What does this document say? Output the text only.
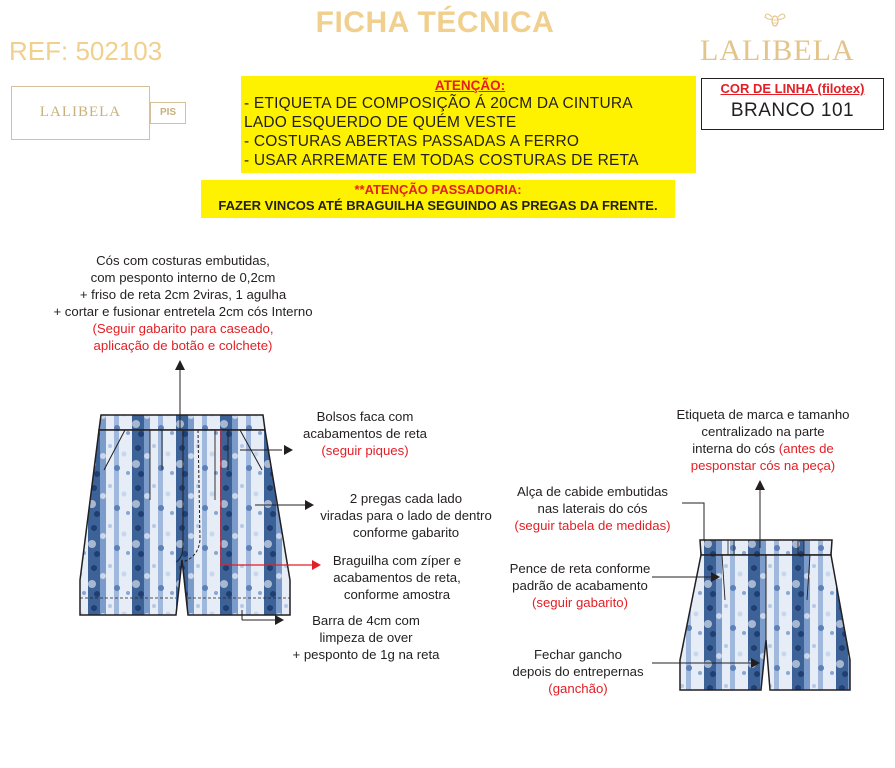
FICHA TÉCNICA
REF: 502103	LALIBELA
LALIBELA	PIS
ATENÇÃO:
- ETIQUETA DE COMPOSIÇÃO Á 20CM DA CINTURA
LADO ESQUERDO DE QUÉM VESTE
- COSTURAS ABERTAS PASSADAS A FERRO
- USAR ARREMATE EM TODAS COSTURAS DE RETA
COR DE LINHA (filotex)
BRANCO 101
**ATENÇÃO PASSADORIA:
FAZER VINCOS ATÉ BRAGUILHA SEGUINDO AS PREGAS DA FRENTE.
Cós com costuras embutidas,
com pesponto interno de 0,2cm
+ friso de reta 2cm 2viras, 1 agulha
+ cortar e fusionar entretela 2cm cós Interno
(Seguir gabarito para caseado,
aplicação de botão e colchete)
Bolsos faca com
acabamentos de reta
(seguir piques)
2 pregas cada lado
viradas para o lado de dentro
conforme gabarito
Braguilha com zíper e
acabamentos de reta,
conforme amostra
Barra de 4cm com
limpeza de over
+ pesponto de 1g na reta
Etiqueta de marca e tamanho
centralizado na parte
interna do cós (antes de
pesponstar cós na peça)
Alça de cabide embutidas
nas laterais do cós
(seguir tabela de medidas)
Pence de reta conforme
padrão de acabamento
(seguir gabarito)
Fechar gancho
depois do entrepernas
(ganchão)
